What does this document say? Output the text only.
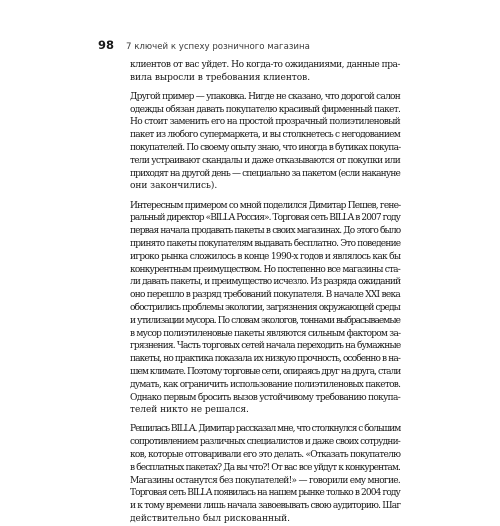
98 7 ключей к успеху розничного магазина

клиентов от вас уйдет. Но когда-то ожиданиями, данные пра-
вила выросли в требования клиентов.

Другой пример — упаковка. Нигде не сказано, что дорогой салон
одежды обязан давать покупателю красивый фирменный пакет.
Но стоит заменить его на простой прозрачный полиэтиленовый
пакет из любого супермаркета, и вы столкнетесь с негодованием
покупателей. По своему опыту знаю, что иногда в бутиках покупа-
тели устраивают скандалы и даже отказываются от покупки или
приходят на другой день — специально за пакетом (если накануне
они закончились).

Интересным примером со мной поделился Димитар Пешев, гене-
ральный директор «BILLA Россия». Торговая сеть BILLA в 2007 году
первая начала продавать пакеты в своих магазинах. До этого было
принято пакеты покупателям выдавать бесплатно. Это поведение
игроко рынка сложилось в конце 1990-х годов и являлось как бы
конкурентным преимуществом. Но постепенно все магазины ста-
ли давать пакеты, и преимущество исчезло. Из разряда ожиданий
оно перешло в разряд требований покупателя. В начале XXI века
обострились проблемы экологии, загрязнения окружающей среды
и утилизации мусора. По словам экологов, тоннами выбрасываемые
в мусор полиэтиленовые пакеты являются сильным фактором за-
грязнения. Часть торговых сетей начала переходить на бумажные
пакеты, но практика показала их низкую прочность, особенно в на-
шем климате. Поэтому торговые сети, опираясь друг на друга, стали
думать, как ограничить использование полиэтиленовых пакетов.
Однако первым бросить вызов устойчивому требованию покупа-
телей никто не решался.

Решилась BILLA. Димитар рассказал мне, что столкнулся с большим
сопротивлением различных специалистов и даже своих сотрудни-
ков, которые отговаривали его это делать. «Отказать покупателю
в бесплатных пакетах? Да вы что?! От вас все уйдут к конкурентам.
Магазины останутся без покупателей!» — говорили ему многие.
Торговая сеть BILLA появилась на нашем рынке только в 2004 году
и к тому времени лишь начала завоевывать свою аудиторию. Шаг
действительно был рискованный.
